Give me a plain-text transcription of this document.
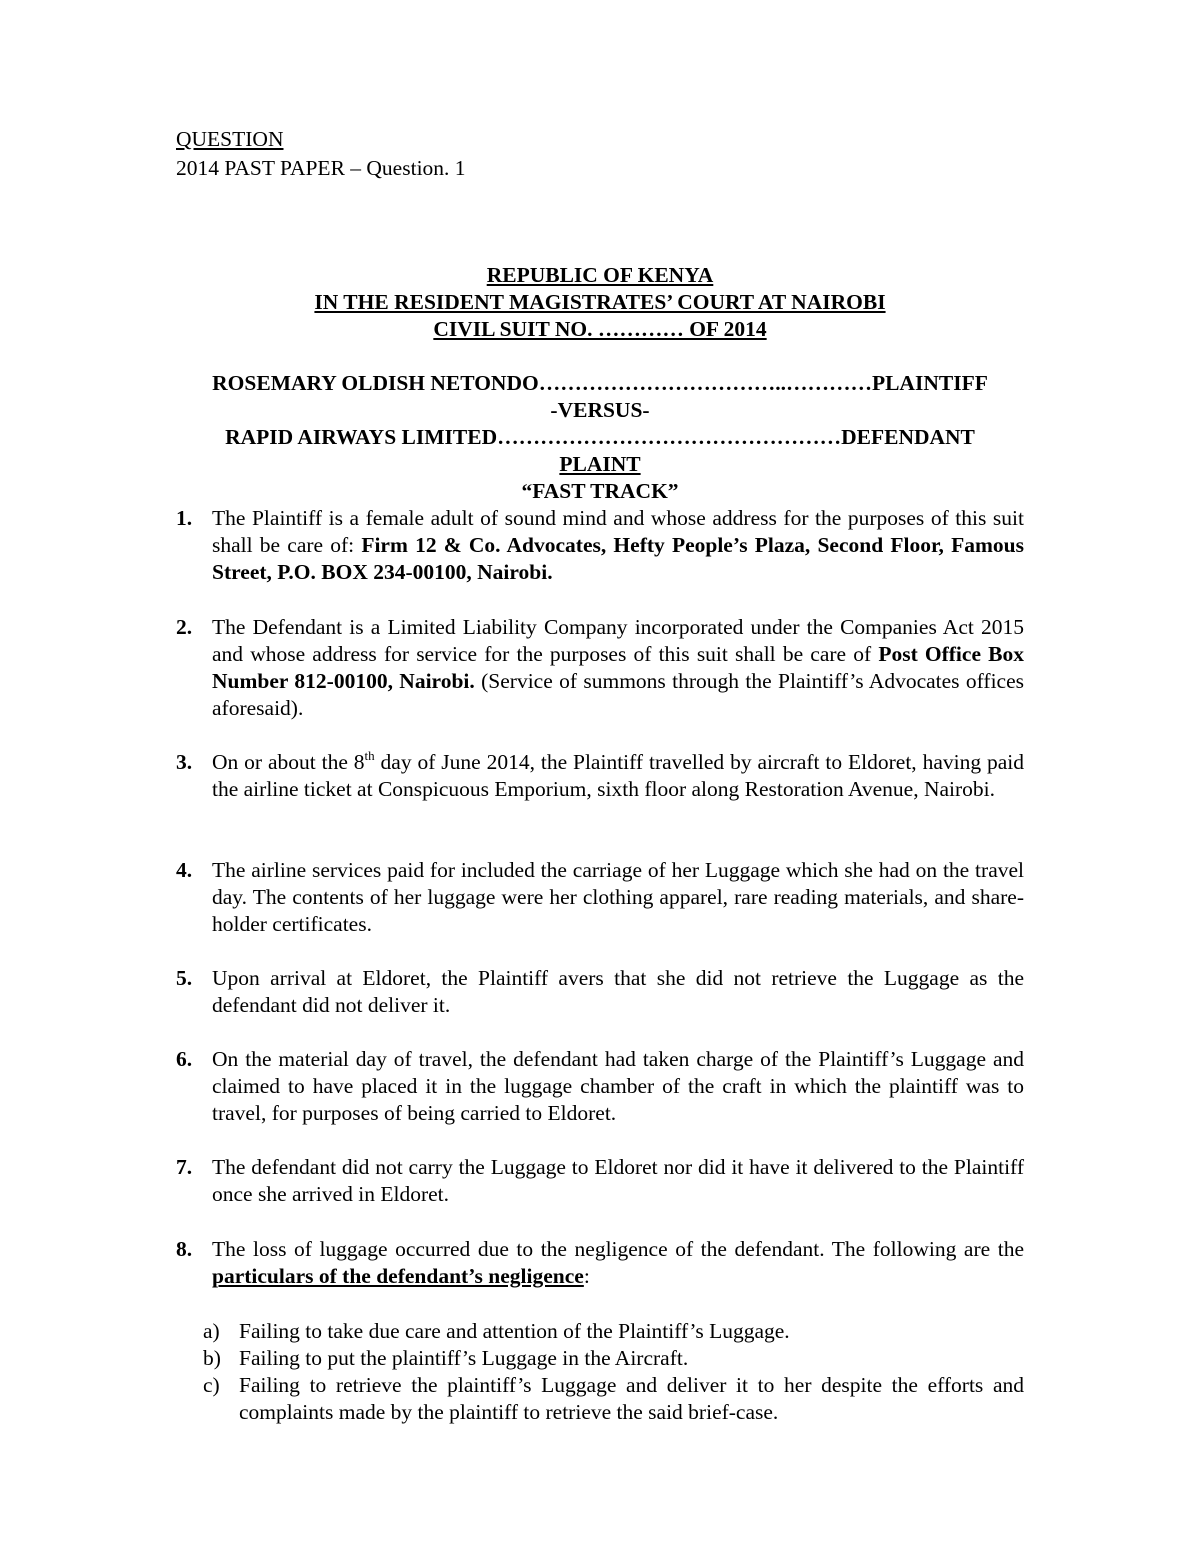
QUESTION
2014 PAST PAPER – Question. 1
REPUBLIC OF KENYA
IN THE RESIDENT MAGISTRATES’ COURT AT NAIROBI
CIVIL SUIT NO. ………… OF 2014
ROSEMARY OLDISH NETONDO……………………………..…………PLAINTIFF
-VERSUS-
RAPID AIRWAYS LIMITED…………………………………………DEFENDANT
PLAINT
“FAST TRACK”
1. The Plaintiff is a female adult of sound mind and whose address for the purposes of this suit shall be care of: Firm 12 & Co. Advocates, Hefty People’s Plaza, Second Floor, Famous Street, P.O. BOX 234-00100, Nairobi.
2. The Defendant is a Limited Liability Company incorporated under the Companies Act 2015 and whose address for service for the purposes of this suit shall be care of Post Office Box Number 812-00100, Nairobi. (Service of summons through the Plaintiff’s Advocates offices aforesaid).
3. On or about the 8th day of June 2014, the Plaintiff travelled by aircraft to Eldoret, having paid the airline ticket at Conspicuous Emporium, sixth floor along Restoration Avenue, Nairobi.
4. The airline services paid for included the carriage of her Luggage which she had on the travel day. The contents of her luggage were her clothing apparel, rare reading materials, and share-holder certificates.
5. Upon arrival at Eldoret, the Plaintiff avers that she did not retrieve the Luggage as the defendant did not deliver it.
6. On the material day of travel, the defendant had taken charge of the Plaintiff’s Luggage and claimed to have placed it in the luggage chamber of the craft in which the plaintiff was to travel, for purposes of being carried to Eldoret.
7. The defendant did not carry the Luggage to Eldoret nor did it have it delivered to the Plaintiff once she arrived in Eldoret.
8. The loss of luggage occurred due to the negligence of the defendant. The following are the particulars of the defendant’s negligence:
a) Failing to take due care and attention of the Plaintiff’s Luggage.
b) Failing to put the plaintiff’s Luggage in the Aircraft.
c) Failing to retrieve the plaintiff’s Luggage and deliver it to her despite the efforts and complaints made by the plaintiff to retrieve the said brief-case.
